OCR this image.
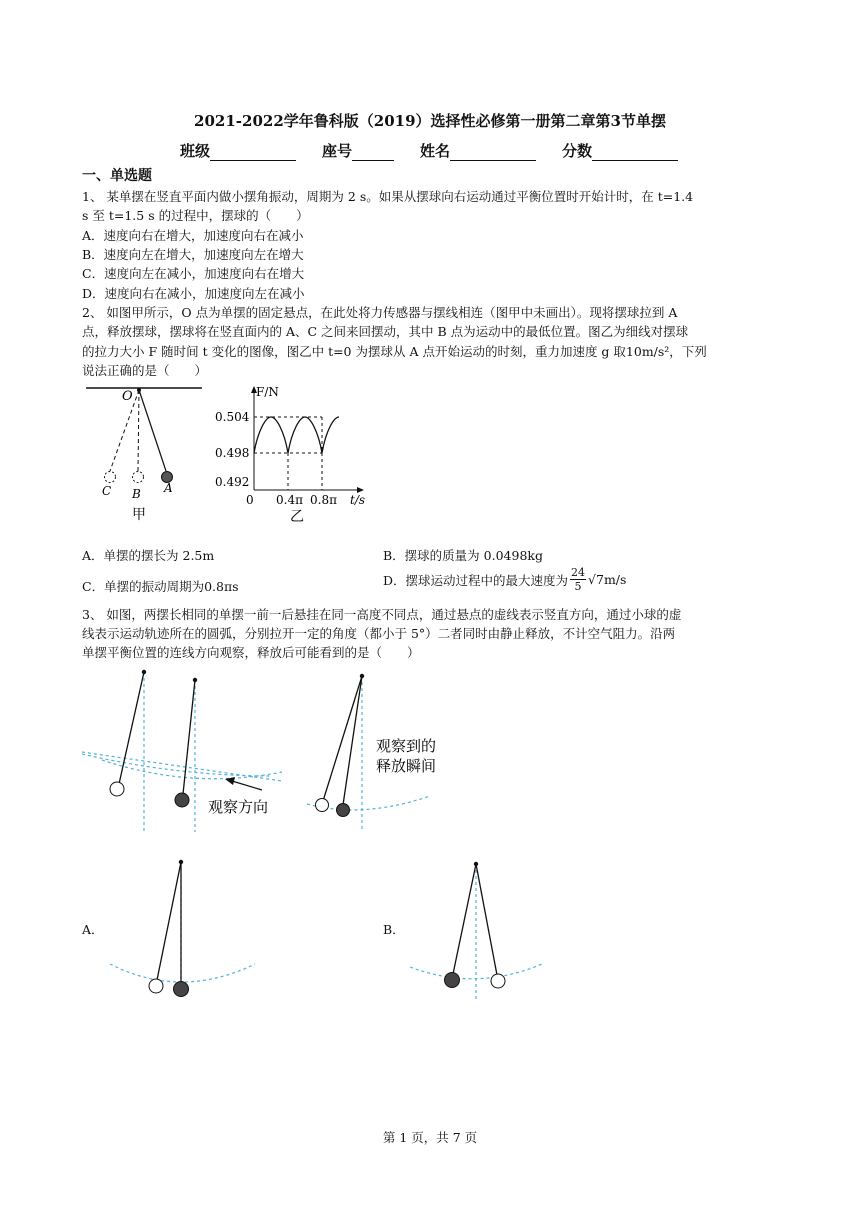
2021-2022学年鲁科版（2019）选择性必修第一册第二章第3节单摆
班级	座号	姓名	分数
一、单选题
1、 某单摆在竖直平面内做小摆角振动，周期为 2 s。如果从摆球向右运动通过平衡位置时开始计时，在 t=1.4
s 至 t=1.5 s 的过程中，摆球的（　　）
A．速度向右在增大，加速度向右在减小
B．速度向左在增大，加速度向左在增大
C．速度向左在减小，加速度向右在增大
D．速度向右在减小，加速度向左在减小
2、 如图甲所示，O 点为单摆的固定悬点，在此处将力传感器与摆线相连（图甲中未画出）。现将摆球拉到 A
点，释放摆球，摆球将在竖直面内的 A、C 之间来回摆动，其中 B 点为运动中的最低位置。图乙为细线对摆球
的拉力大小 F 随时间 t 变化的图像，图乙中 t=0 为摆球从 A 点开始运动的时刻，重力加速度 g 取10m/s²，下列
说法正确的是（　　）
O
C B A
甲
F/N
0.504
0.498
0.492
0 0.4π 0.8π t/s
乙
A．单摆的摆长为 2.5m	B．摆球的质量为 0.0498kg
C．单摆的振动周期为0.8πs	D．摆球运动过程中的最大速度为 $\frac{24}{5} √7m/s$
3、 如图，两摆长相同的单摆一前一后悬挂在同一高度不同点，通过悬点的虚线表示竖直方向，通过小球的虚
线表示运动轨迹所在的圆弧，分别拉开一定的角度（都小于 5°）二者同时由静止释放，不计空气阻力。沿两
单摆平衡位置的连线方向观察，释放后可能看到的是（　　）
观察方向
观察到的
释放瞬间
A．	B．
第 1 页，共 7 页
